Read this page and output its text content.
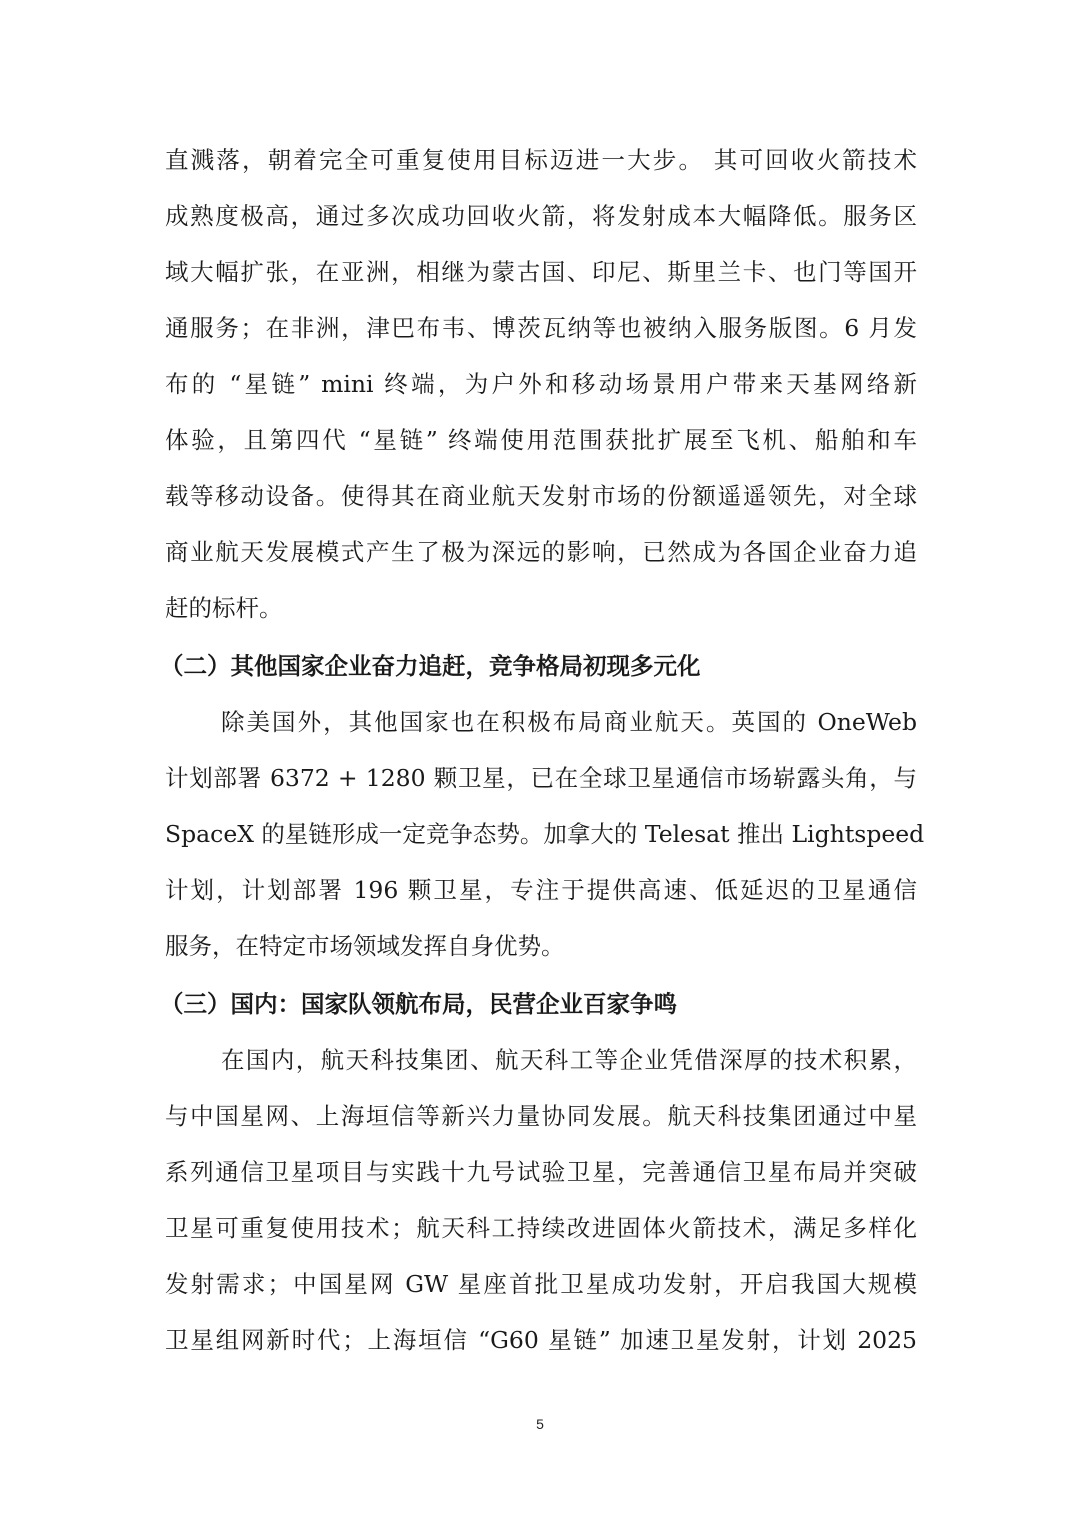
直溅落，朝着完全可重复使用目标迈进一大步。 其可回收火箭技术
成熟度极高，通过多次成功回收火箭，将发射成本大幅降低。服务区
域大幅扩张，在亚洲，相继为蒙古国、印尼、斯里兰卡、也门等国开
通服务；在非洲，津巴布韦、博茨瓦纳等也被纳入服务版图。6 月发
布的 “星链” mini 终端，为户外和移动场景用户带来天基网络新
体验，且第四代 “星链” 终端使用范围获批扩展至飞机、船舶和车
载等移动设备。使得其在商业航天发射市场的份额遥遥领先，对全球
商业航天发展模式产生了极为深远的影响，已然成为各国企业奋力追
赶的标杆。
（二）其他国家企业奋力追赶，竞争格局初现多元化
除美国外，其他国家也在积极布局商业航天。英国的 OneWeb
计划部署 6372 + 1280 颗卫星，已在全球卫星通信市场崭露头角，与
SpaceX 的星链形成一定竞争态势。加拿大的 Telesat 推出 Lightspeed
计划，计划部署 196 颗卫星，专注于提供高速、低延迟的卫星通信
服务，在特定市场领域发挥自身优势。
（三）国内：国家队领航布局，民营企业百家争鸣
在国内，航天科技集团、航天科工等企业凭借深厚的技术积累，
与中国星网、上海垣信等新兴力量协同发展。航天科技集团通过中星
系列通信卫星项目与实践十九号试验卫星，完善通信卫星布局并突破
卫星可重复使用技术；航天科工持续改进固体火箭技术，满足多样化
发射需求；中国星网 GW 星座首批卫星成功发射，开启我国大规模
卫星组网新时代；上海垣信 “G60 星链” 加速卫星发射，计划 2025
5
